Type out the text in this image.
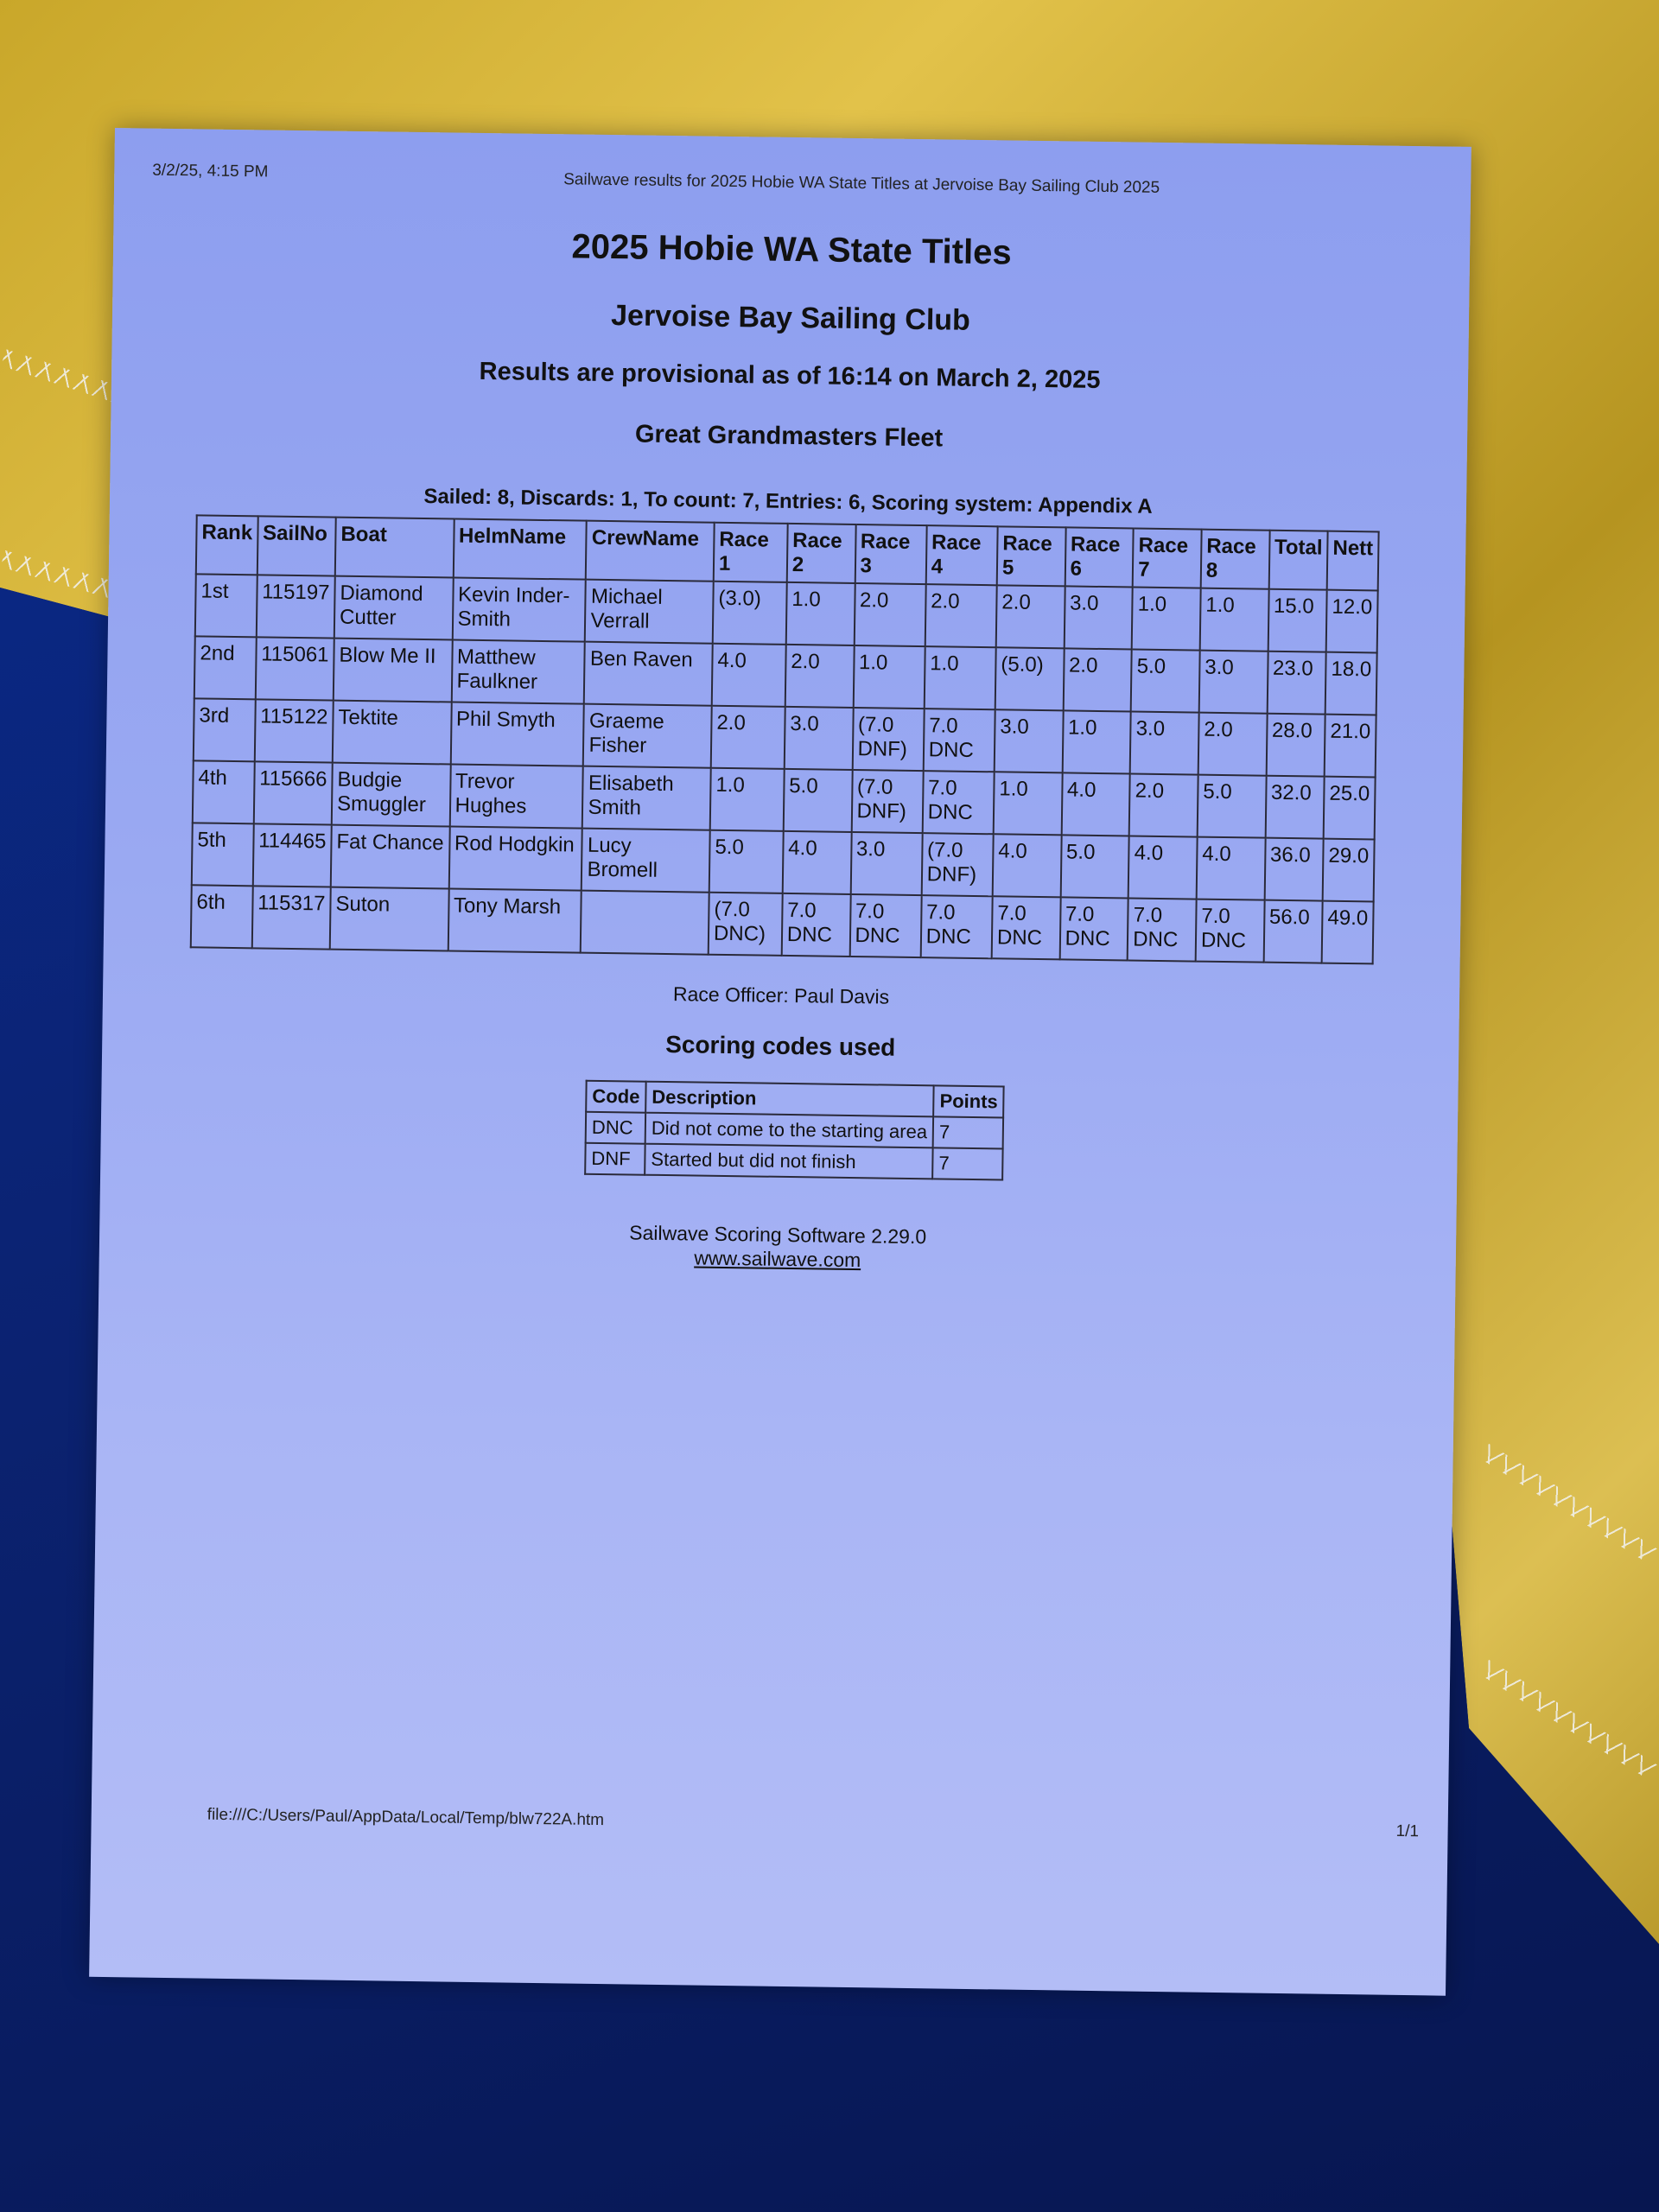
3/2/25, 4:15 PM	Sailwave results for 2025 Hobie WA State Titles at Jervoise Bay Sailing Club 2025
2025 Hobie WA State Titles
Jervoise Bay Sailing Club
Results are provisional as of 16:14 on March 2, 2025
Great Grandmasters Fleet
Sailed: 8, Discards: 1, To count: 7, Entries: 6, Scoring system: Appendix A
Rank	SailNo	Boat	HelmName	CrewName	Race 1	Race 2	Race 3	Race 4	Race 5	Race 6	Race 7	Race 8	Total	Nett
1st	115197	Diamond Cutter	Kevin Inder-Smith	Michael Verrall	(3.0)	1.0	2.0	2.0	2.0	3.0	1.0	1.0	15.0	12.0
2nd	115061	Blow Me II	Matthew Faulkner	Ben Raven	4.0	2.0	1.0	1.0	(5.0)	2.0	5.0	3.0	23.0	18.0
3rd	115122	Tektite	Phil Smyth	Graeme Fisher	2.0	3.0	(7.0 DNF)	7.0 DNC	3.0	1.0	3.0	2.0	28.0	21.0
4th	115666	Budgie Smuggler	Trevor Hughes	Elisabeth Smith	1.0	5.0	(7.0 DNF)	7.0 DNC	1.0	4.0	2.0	5.0	32.0	25.0
5th	114465	Fat Chance	Rod Hodgkin	Lucy Bromell	5.0	4.0	3.0	(7.0 DNF)	4.0	5.0	4.0	4.0	36.0	29.0
6th	115317	Suton	Tony Marsh		(7.0 DNC)	7.0 DNC	7.0 DNC	7.0 DNC	7.0 DNC	7.0 DNC	7.0 DNC	7.0 DNC	56.0	49.0
Race Officer: Paul Davis
Scoring codes used
Code	Description	Points
DNC	Did not come to the starting area	7
DNF	Started but did not finish	7
Sailwave Scoring Software 2.29.0
www.sailwave.com
file:///C:/Users/Paul/AppData/Local/Temp/blw722A.htm
1/1
